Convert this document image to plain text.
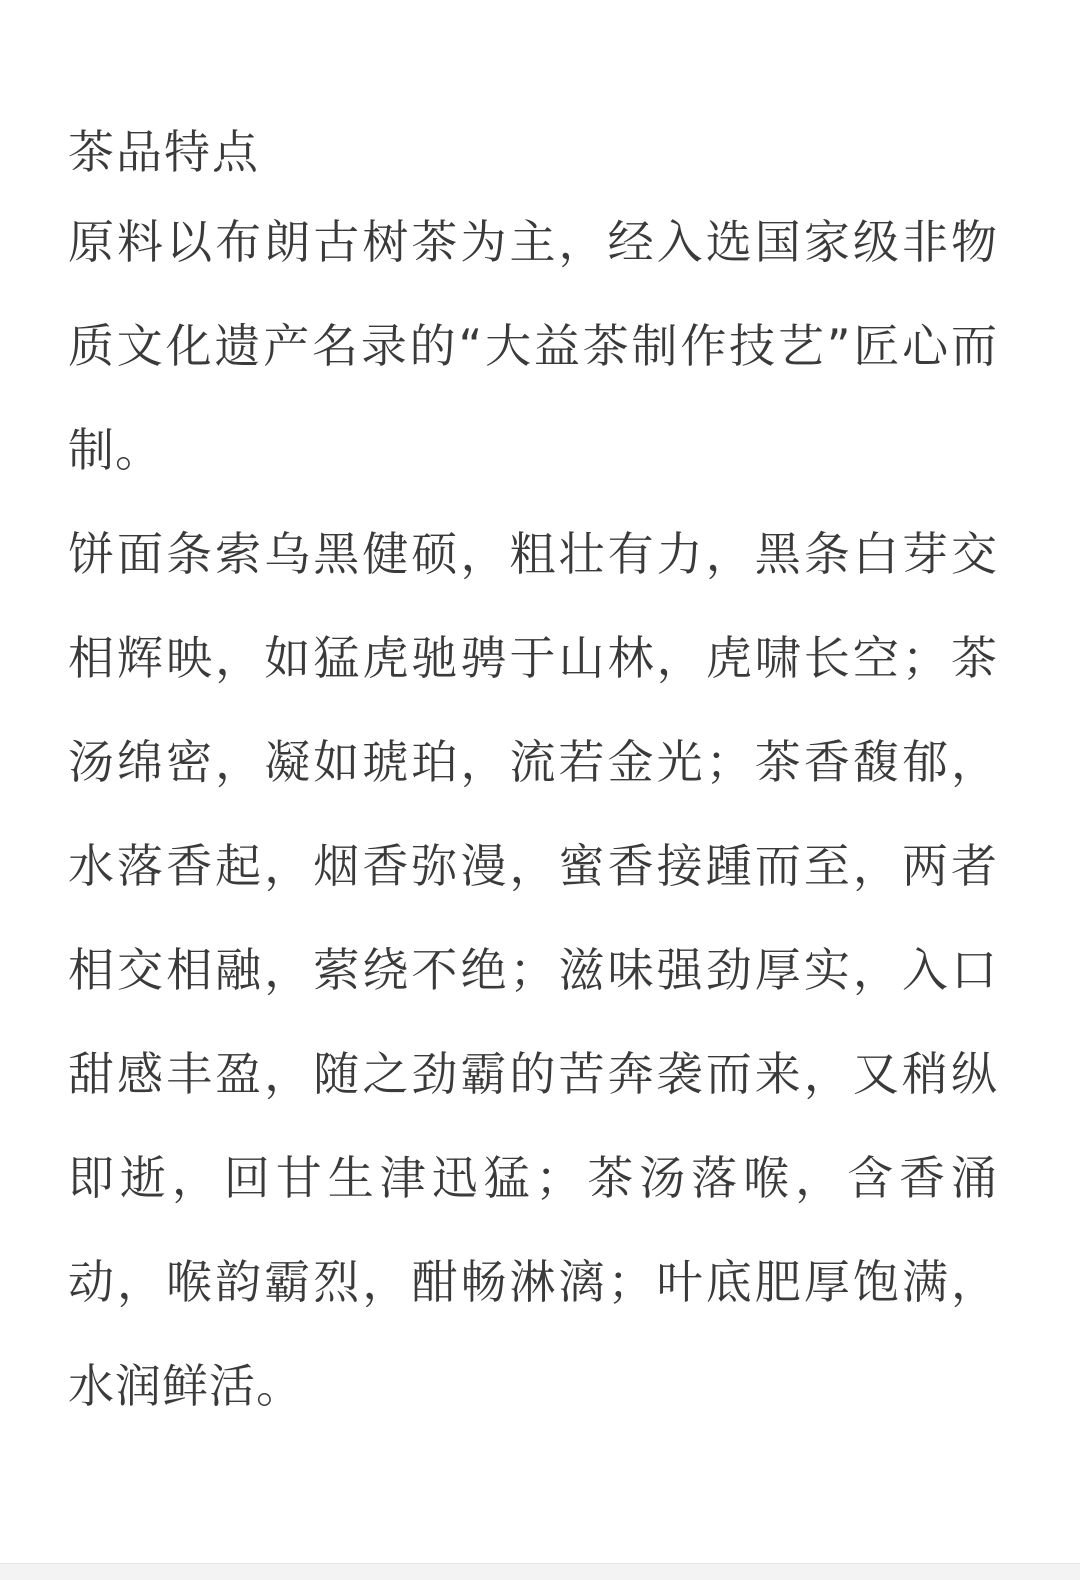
茶品特点

原料以布朗古树茶为主，经入选国家级非物质文化遗产名录的“大益茶制作技艺”匠心而制。

饼面条索乌黑健硕，粗壮有力，黑条白芽交相辉映，如猛虎驰骋于山林，虎啸长空；茶汤绵密，凝如琥珀，流若金光；茶香馥郁，水落香起，烟香弥漫，蜜香接踵而至，两者相交相融，萦绕不绝；滋味强劲厚实，入口甜感丰盈，随之劲霸的苦奔袭而来，又稍纵即逝，回甘生津迅猛；茶汤落喉，含香涌动，喉韵霸烈，酣畅淋漓；叶底肥厚饱满，水润鲜活。
